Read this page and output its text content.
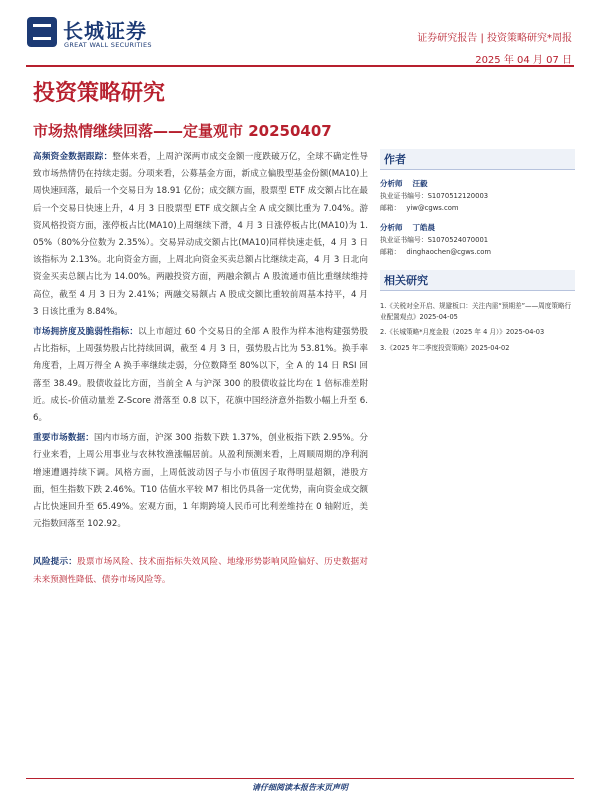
长城证券
GREAT WALL SECURITIES
证券研究报告 | 投资策略研究*周报
2025 年 04 月 07 日
投资策略研究
市场热情继续回落——定量观市 20250407

高频资金数据跟踪：整体来看，上周沪深两市成交金额一度跌破万亿，全球不确定性导致市场热情仍在持续走弱。分项来看，公募基金方面，新成立偏股型基金份额(MA10)上周快速回落，最后一个交易日为 18.91 亿份；成交额方面，股票型 ETF 成交额占比在最后一个交易日快速上升，4 月 3 日股票型 ETF 成交额占全 A 成交额比重为 7.04%。游资风格投资方面，涨停板占比(MA10)上周继续下滑，4 月 3 日涨停板占比(MA10)为 1.05%（80%分位数为 2.35%）。交易异动成交额占比(MA10)同样快速走低，4 月 3 日该指标为 2.13%。北向资金方面，上周北向资金买卖总额占比继续走高，4 月 3 日北向资金买卖总额占比为 14.00%。两融投资方面，两融余额占 A 股流通市值比重继续维持高位，截至 4 月 3 日为 2.41%；两融交易额占 A 股成交额比重较前周基本持平，4 月 3 日该比重为 8.84%。

市场拥挤度及脆弱性指标：以上市超过 60 个交易日的全部 A 股作为样本池构建强势股占比指标，上周强势股占比持续回调，截至 4 月 3 日，强势股占比为 53.81%。换手率角度看，上周万得全 A 换手率继续走弱，分位数降至 80%以下，全 A 的 14 日 RSI 回落至 38.49。股债收益比方面，当前全 A 与沪深 300 的股债收益比均在 1 倍标准差附近。成长-价值动量差 Z-Score 滑落至 0.8 以下，花旗中国经济意外指数小幅上升至 6.6。

重要市场数据：国内市场方面，沪深 300 指数下跌 1.37%，创业板指下跌 2.95%。分行业来看，上周公用事业与农林牧渔涨幅居前。从盈利预测来看，上周顺周期的净利润增速遭遇持续下调。风格方面，上周低波动因子与小市值因子取得明显超额，港股方面，恒生指数下跌 2.46%。T10 估值水平较 M7 相比仍具备一定优势，南向资金成交额占比快速回升至 65.49%。宏观方面，1 年期跨境人民币可比利差维持在 0 轴附近，美元指数回落至 102.92。

风险提示：股票市场风险、技术面指标失效风险、地缘形势影响风险偏好、历史数据对未来预测性降低、债券市场风险等。

作者
分析师 汪毅
执业证书编号：S1070512120003
邮箱： yiw@cgws.com
分析师 丁皓晨
执业证书编号：S1070524070001
邮箱： dinghaochen@cgws.com
相关研究
1.《关税对全开启、规避板口：关注内需“预期差”——周度策略行业配置观点》2025-04-05
2.《长城策略*月度金股（2025 年 4 月）》2025-04-03
3.《2025 年二季度投资策略》2025-04-02
请仔细阅读本报告末页声明
